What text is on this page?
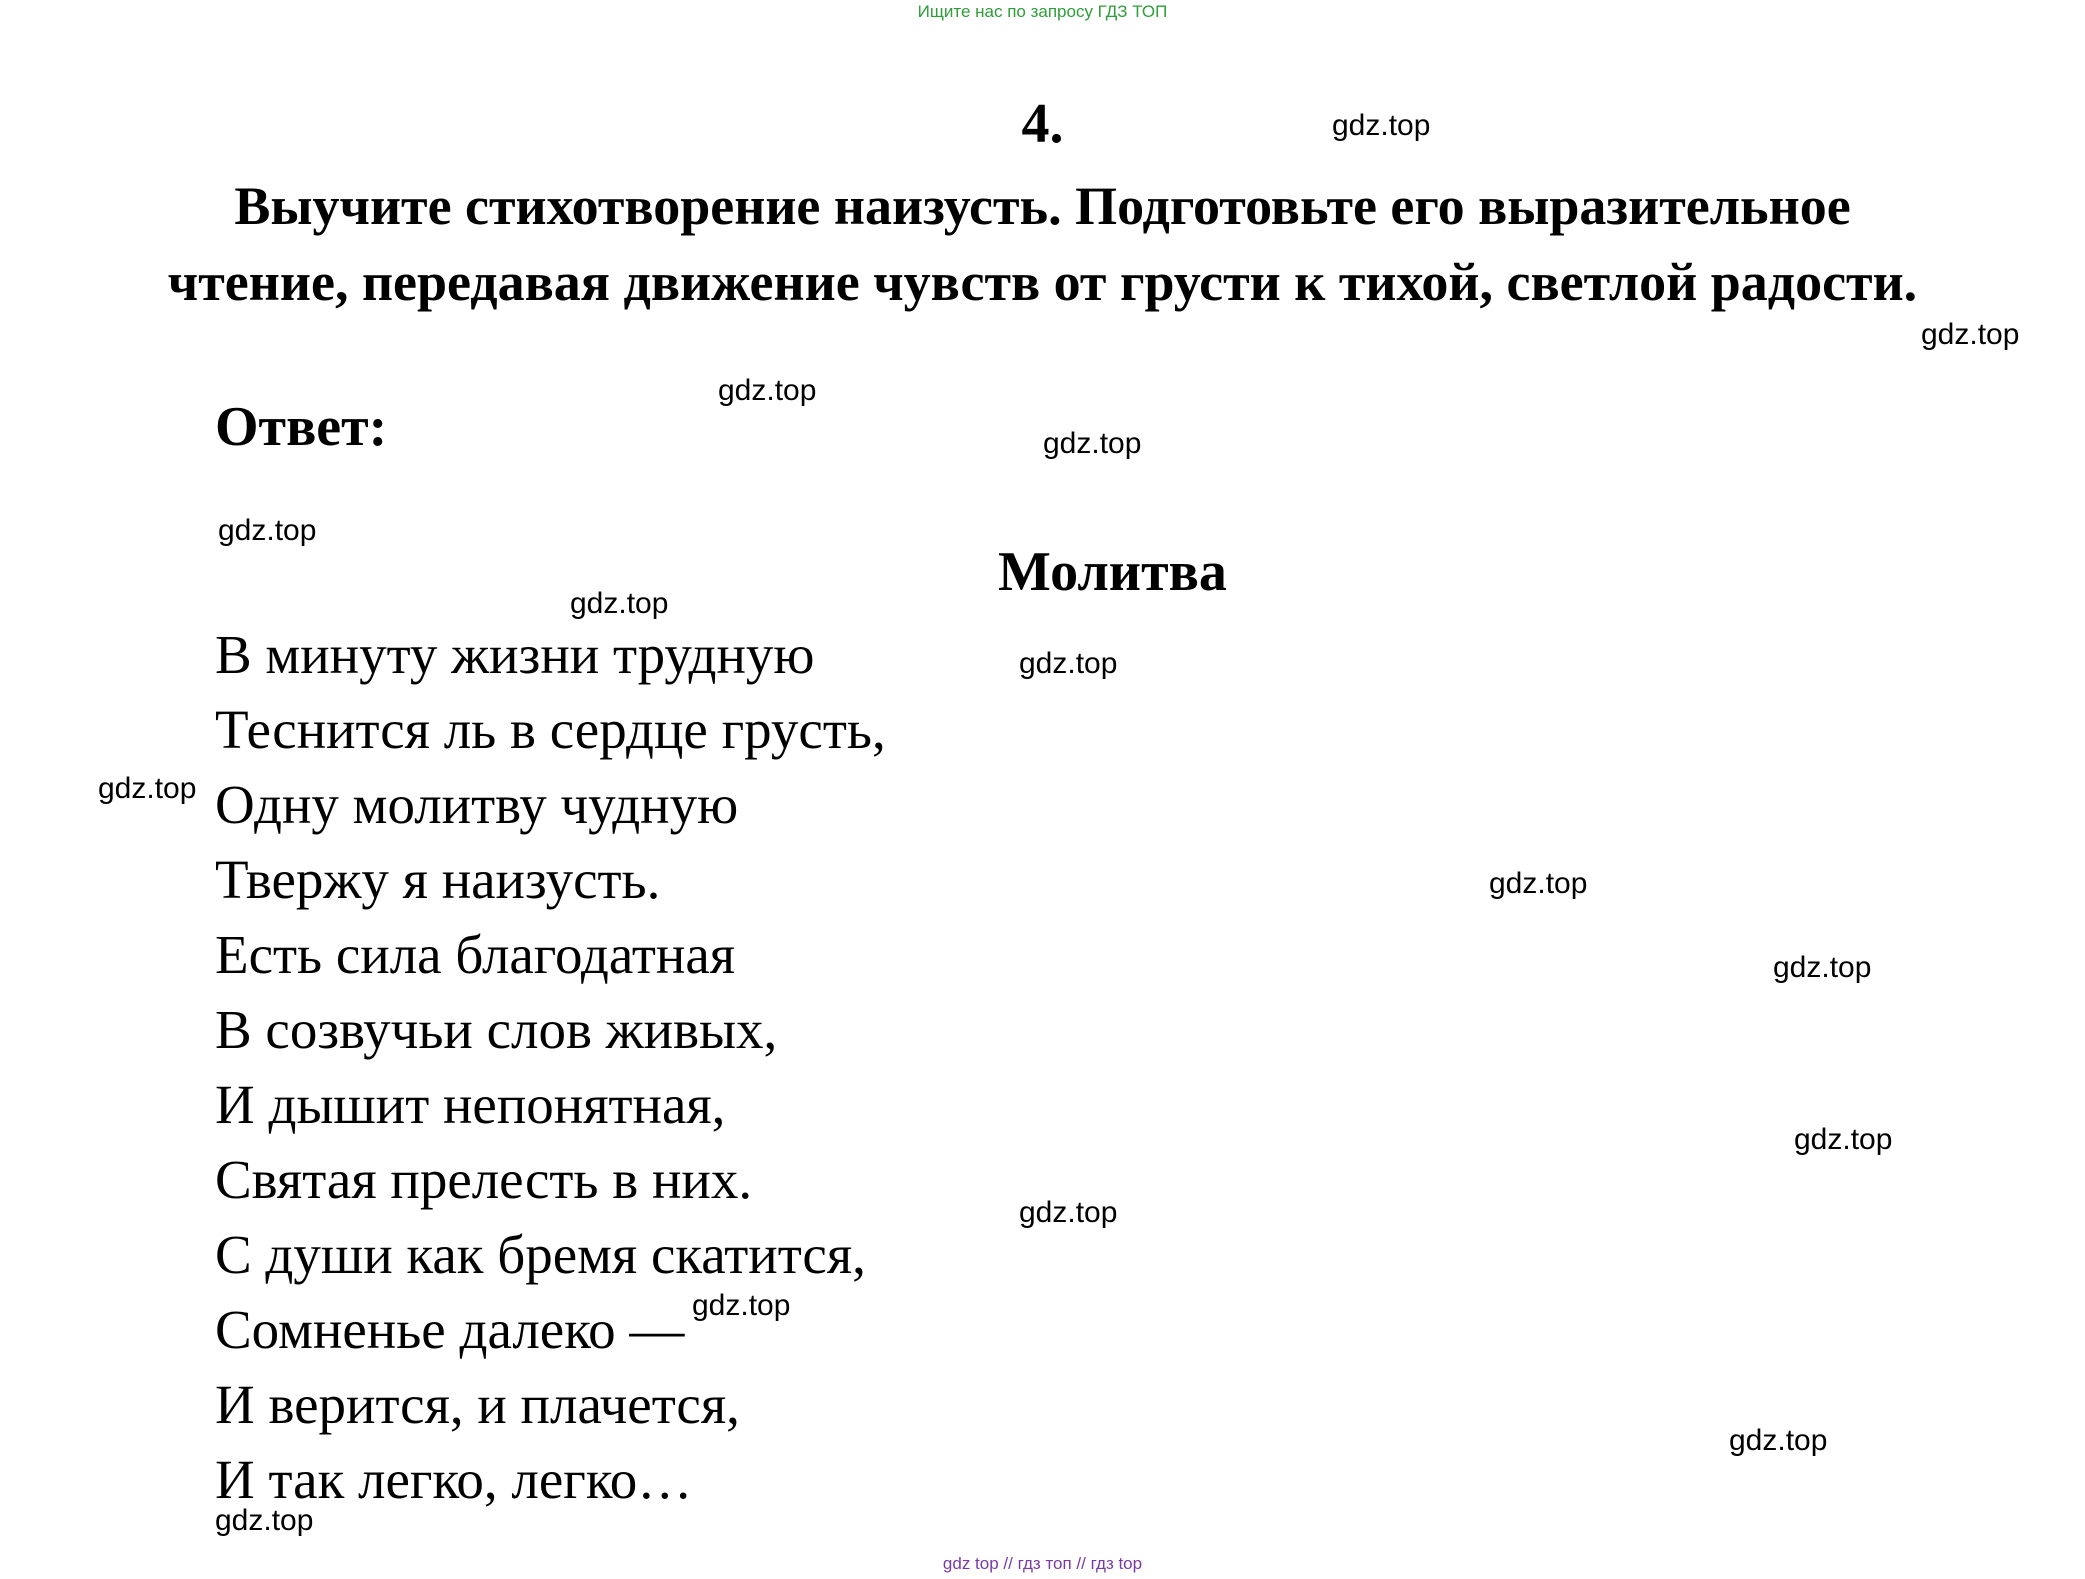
Ищите нас по запросу ГДЗ ТОП
4.
Выучите стихотворение наизусть. Подготовьте его выразительное
чтение, передавая движение чувств от грусти к тихой, светлой радости.
Ответ:
Молитва
В минуту жизни трудную
Теснится ль в сердце грусть,
Одну молитву чудную
Твержу я наизусть.
Есть сила благодатная
В созвучьи слов живых,
И дышит непонятная,
Святая прелесть в них.
С души как бремя скатится,
Сомненье далеко —
И верится, и плачется,
И так легко, легко…
gdz.top
gdz.top
gdz.top
gdz.top
gdz.top
gdz.top
gdz.top
gdz.top
gdz.top
gdz.top
gdz.top
gdz.top
gdz.top
gdz.top
gdz.top
gdz top // гдз топ // гдз top
